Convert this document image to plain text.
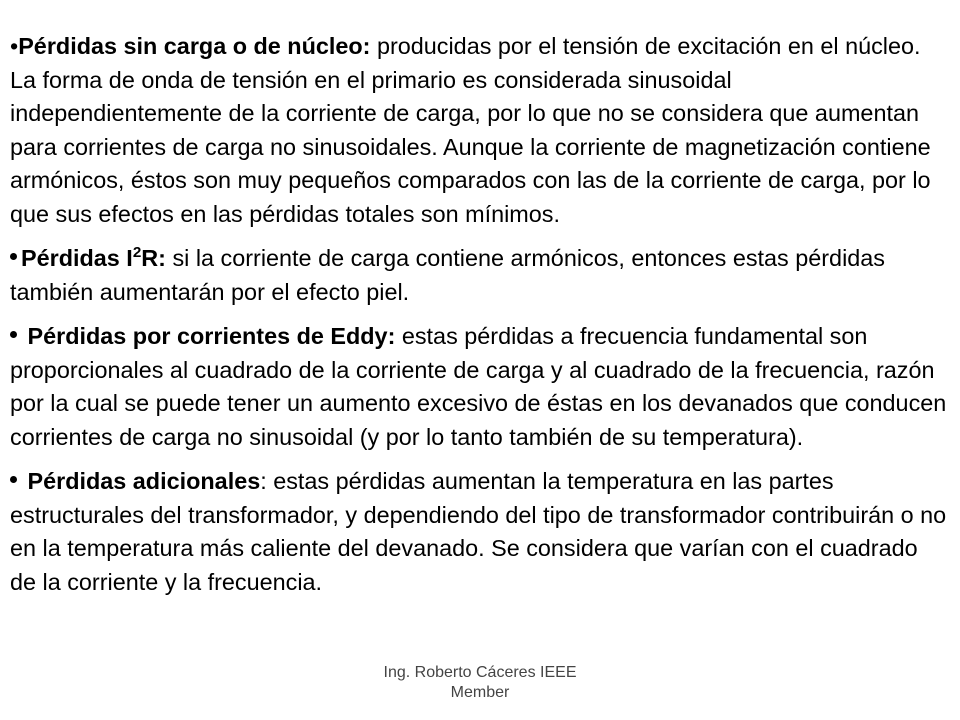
•Pérdidas sin carga o de núcleo: producidas por el tensión de excitación en el núcleo. La forma de onda de tensión en el primario es considerada sinusoidal independientemente de la corriente de carga, por lo que no se considera que aumentan para corrientes de carga no sinusoidales. Aunque la corriente de magnetización contiene armónicos, éstos son muy pequeños comparados con las de la corriente de carga, por lo que sus efectos en las pérdidas totales son mínimos.

Pérdidas $I^2R$: si la corriente de carga contiene armónicos, entonces estas pérdidas también aumentarán por el efecto piel.

Pérdidas por corrientes de Eddy: estas pérdidas a frecuencia fundamental son proporcionales al cuadrado de la corriente de carga y al cuadrado de la frecuencia, razón por la cual se puede tener un aumento excesivo de éstas en los devanados que conducen corrientes de carga no sinusoidal (y por lo tanto también de su temperatura).

Pérdidas adicionales: estas pérdidas aumentan la temperatura en las partes estructurales del transformador, y dependiendo del tipo de transformador contribuirán o no en la temperatura más caliente del devanado. Se considera que varían con el cuadrado de la corriente y la frecuencia.

Ing. Roberto Cáceres IEEE
Member
